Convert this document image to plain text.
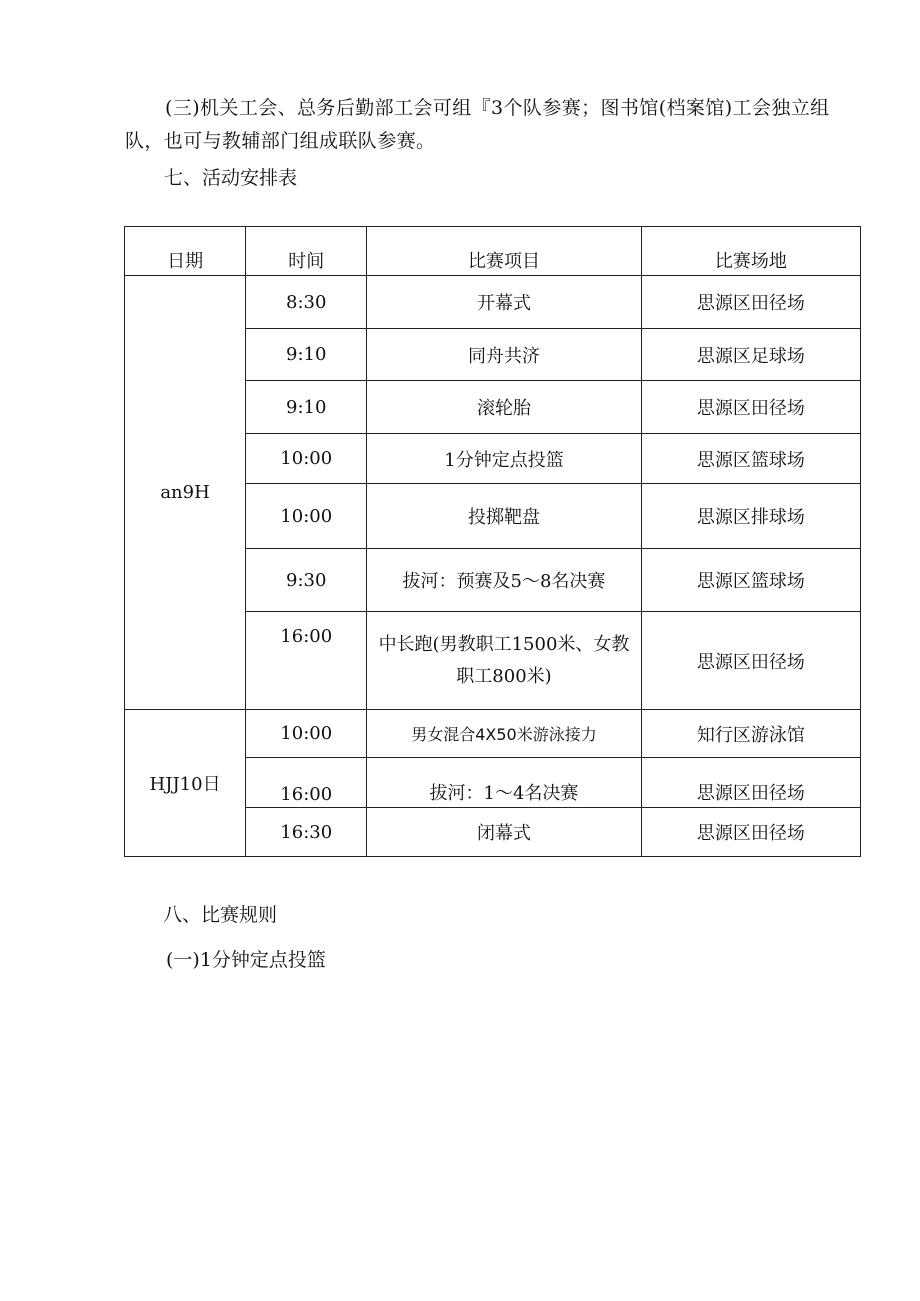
(三)机关工会、总务后勤部工会可组『3个队参赛；图书馆(档案馆)工会独立组队，也可与教辅部门组成联队参赛。

七、活动安排表

日期	时间	比赛项目	比赛场地
an9H	8:30	开幕式	思源区田径场
	9:10	同舟共济	思源区足球场
	9:10	滚轮胎	思源区田径场
	10:00	1分钟定点投篮	思源区篮球场
	10:00	投掷靶盘	思源区排球场
	9:30	拔河：预赛及5～8名决赛	思源区篮球场
	16:00	中长跑(男教职工1500米、女教职工800米)	思源区田径场
HJJ10日	10:00	男女混合4X50米游泳接力	知行区游泳馆
	16:00	拔河：1～4名决赛	思源区田径场
	16:30	闭幕式	思源区田径场

八、比赛规则

(一)1分钟定点投篮
